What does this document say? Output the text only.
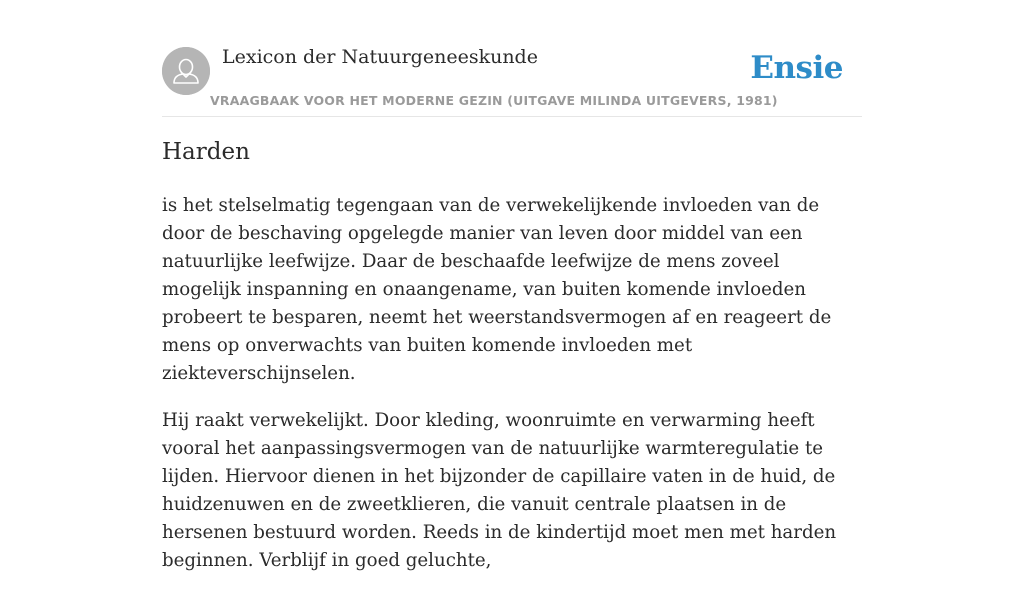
Lexicon der Natuurgeneeskunde
VRAAGBAAK VOOR HET MODERNE GEZIN (UITGAVE MILINDA UITGEVERS, 1981)
Ensie
Harden

is het stelselmatig tegengaan van de verwekelijkende invloeden van de door de beschaving opgelegde manier van leven door middel van een natuurlijke leefwijze. Daar de beschaafde leefwijze de mens zoveel mogelijk inspanning en onaangename, van buiten komende invloeden probeert te besparen, neemt het weerstandsvermogen af en reageert de mens op onverwachts van buiten komende invloeden met ziekteverschijnselen.

Hij raakt verwekelijkt. Door kleding, woonruimte en verwarming heeft vooral het aanpassingsvermogen van de natuurlijke warmteregulatie te lijden. Hiervoor dienen in het bijzonder de capillaire vaten in de huid, de huidzenuwen en de zweetklieren, die vanuit centrale plaatsen in de hersenen bestuurd worden. Reeds in de kindertijd moet men met harden beginnen. Verblijf in goed geluchte,
